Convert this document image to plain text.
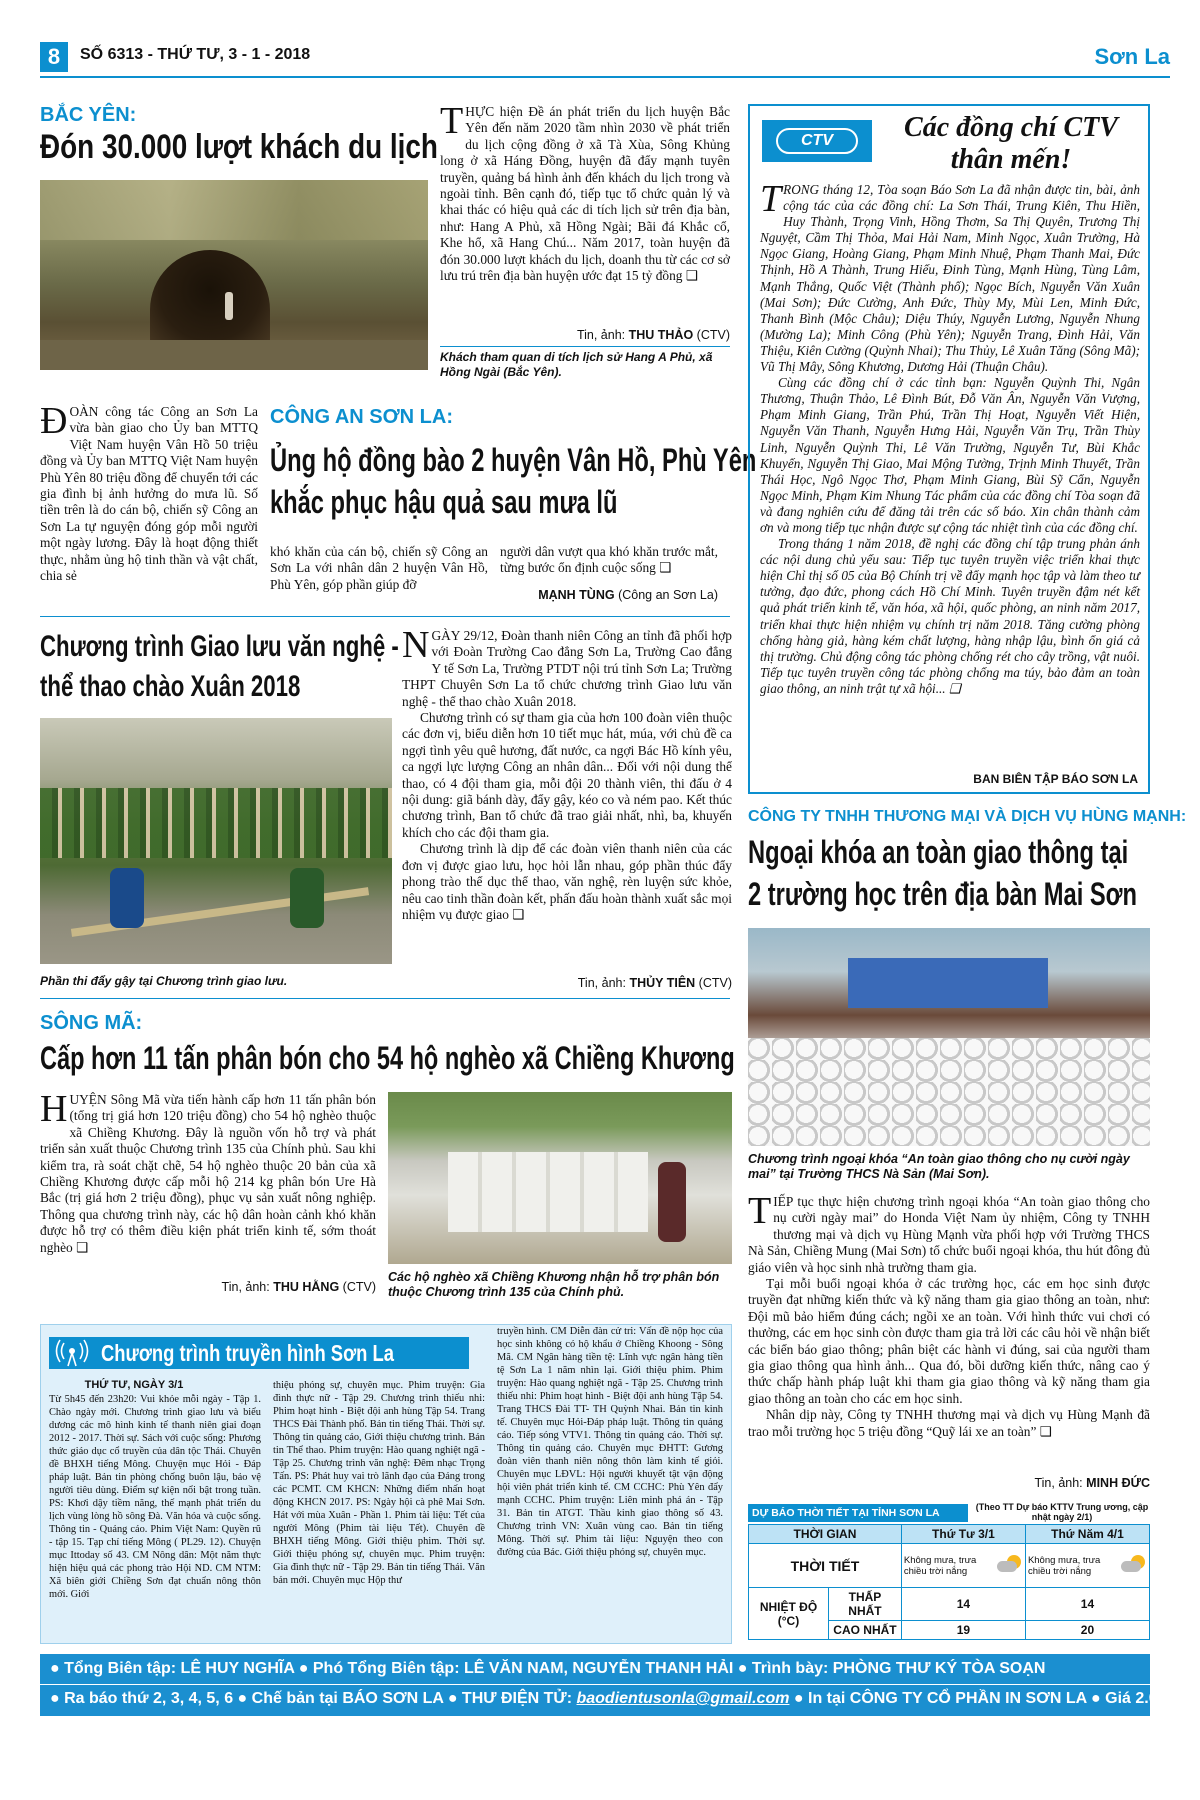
8	SỐ 6313 - THỨ TƯ, 3 - 1 - 2018	Sơn La
BẮC YÊN:
Đón 30.000 lượt khách du lịch
THỰC hiện Đề án phát triển du lịch huyện Bắc Yên đến năm 2020 tầm nhìn 2030 về phát triển du lịch cộng đồng ở xã Tà Xùa, Sông Khủng long ở xã Háng Đồng, huyện đã đẩy mạnh tuyên truyền, quảng bá hình ảnh đến khách du lịch trong và ngoài tỉnh. Bên cạnh đó, tiếp tục tổ chức quản lý và khai thác có hiệu quả các di tích lịch sử trên địa bàn, như: Hang A Phủ, xã Hồng Ngài; Bãi đá Khắc cổ, Khe hổ, xã Hang Chú... Năm 2017, toàn huyện đã đón 30.000 lượt khách du lịch, doanh thu từ các cơ sở lưu trú trên địa bàn huyện ước đạt 15 tỷ đồng ❑
Tin, ảnh: THU THẢO (CTV)
Khách tham quan di tích lịch sử Hang A Phủ, xã Hồng Ngài (Bắc Yên).
ĐOÀN công tác Công an Sơn La vừa bàn giao cho Ủy ban MTTQ Việt Nam huyện Vân Hồ 50 triệu đồng và Ủy ban MTTQ Việt Nam huyện Phù Yên 80 triệu đồng để chuyển tới các gia đình bị ảnh hưởng do mưa lũ. Số tiền trên là do cán bộ, chiến sỹ Công an Sơn La tự nguyện đóng góp mỗi người một ngày lương. Đây là hoạt động thiết thực, nhằm ủng hộ tinh thần và vật chất, chia sẻ
CÔNG AN SƠN LA:
Ủng hộ đồng bào 2 huyện Vân Hồ, Phù Yên
khắc phục hậu quả sau mưa lũ
khó khăn của cán bộ, chiến sỹ Công an Sơn La với nhân dân 2 huyện Vân Hồ, Phù Yên, góp phần giúp đỡ
người dân vượt qua khó khăn trước mắt, từng bước ổn định cuộc sống ❑
MẠNH TÙNG (Công an Sơn La)
Chương trình Giao lưu văn nghệ -
thể thao chào Xuân 2018
Phần thi đẩy gậy tại Chương trình giao lưu.
NGÀY 29/12, Đoàn thanh niên Công an tỉnh đã phối hợp với Đoàn Trường Cao đẳng Sơn La, Trường Cao đẳng Y tế Sơn La, Trường PTDT nội trú tỉnh Sơn La; Trường THPT Chuyên Sơn La tổ chức chương trình Giao lưu văn nghệ - thể thao chào Xuân 2018.

Chương trình có sự tham gia của hơn 100 đoàn viên thuộc các đơn vị, biểu diễn hơn 10 tiết mục hát, múa, với chủ đề ca ngợi tình yêu quê hương, đất nước, ca ngợi Bác Hồ kính yêu, ca ngợi lực lượng Công an nhân dân... Đối với nội dung thể thao, có 4 đội tham gia, mỗi đội 20 thành viên, thi đấu ở 4 nội dung: giã bánh dày, đẩy gậy, kéo co và ném pao. Kết thúc chương trình, Ban tổ chức đã trao giải nhất, nhì, ba, khuyến khích cho các đội tham gia.

Chương trình là dịp để các đoàn viên thanh niên của các đơn vị được giao lưu, học hỏi lẫn nhau, góp phần thúc đẩy phong trào thể dục thể thao, văn nghệ, rèn luyện sức khỏe, nêu cao tinh thần đoàn kết, phấn đấu hoàn thành xuất sắc mọi nhiệm vụ được giao ❑

Tin, ảnh: THỦY TIÊN (CTV)
SÔNG MÃ:
Cấp hơn 11 tấn phân bón cho 54 hộ nghèo xã Chiềng Khương
HUYỆN Sông Mã vừa tiến hành cấp hơn 11 tấn phân bón (tổng trị giá hơn 120 triệu đồng) cho 54 hộ nghèo thuộc xã Chiềng Khương. Đây là nguồn vốn hỗ trợ và phát triển sản xuất thuộc Chương trình 135 của Chính phủ. Sau khi kiểm tra, rà soát chặt chẽ, 54 hộ nghèo thuộc 20 bản của xã Chiềng Khương được cấp mỗi hộ 214 kg phân bón Ure Hà Bắc (trị giá hơn 2 triệu đồng), phục vụ sản xuất nông nghiệp. Thông qua chương trình này, các hộ dân hoàn cảnh khó khăn được hỗ trợ có thêm điều kiện phát triển kinh tế, sớm thoát nghèo ❑
Tin, ảnh: THU HẰNG (CTV)
Các hộ nghèo xã Chiềng Khương nhận hỗ trợ phân bón thuộc Chương trình 135 của Chính phủ.
Chương trình truyền hình Sơn La
THỨ TƯ, NGÀY 3/1
Từ 5h45 đến 23h20: Vui khỏe mỗi ngày - Tập 1. Chào ngày mới. Chương trình giao lưu và biểu dương các mô hình kinh tế thanh niên giai đoạn 2012 - 2017. Thời sự. Sách với cuộc sống: Phương thức giáo dục cổ truyền của dân tộc Thái. Chuyên đề BHXH tiếng Mông. Chuyện mục Hỏi - Đáp pháp luật. Bản tin phòng chống buôn lậu, bảo vệ người tiêu dùng. Điểm sự kiện nổi bật trong tuần. PS: Khơi dậy tiềm năng, thế mạnh phát triển du lịch vùng lòng hồ sông Đà. Văn hóa và cuộc sống. Thông tin - Quảng cáo. Phim Việt Nam: Quyền rũ - tập 15. Tạp chí tiếng Mông ( PL29. 12). Chuyện mục Ittoday số 43. CM Nông dân: Một năm thực hiện hiệu quả các phong trào Hội ND. CM NTM: Xã biên giới Chiềng Sơn đạt chuẩn nông thôn mới. Giới
thiệu phóng sự, chuyên mục. Phim truyện: Gia đình thực nữ - Tập 29. Chương trình thiếu nhi: Phim hoạt hình - Biệt đội anh hùng Tập 54. Trang THCS Đài Thành phố. Bản tin tiếng Thái. Thời sự. Thông tin quảng cáo, Giới thiệu chương trình. Bản tin Thể thao. Phim truyện: Hào quang nghiệt ngã - Tập 25. Chương trình văn nghệ: Đêm nhạc Trọng Tấn. PS: Phát huy vai trò lãnh đạo của Đảng trong các PCMT. CM KHCN: Những điểm nhấn hoạt động KHCN 2017. PS: Ngày hội cà phê Mai Sơn. Hát với mùa Xuân - Phần 1. Phim tài liệu: Tết của người Mông (Phim tài liệu Tết). Chuyên đề BHXH tiếng Mông. Giới thiệu phim. Thời sự. Giới thiệu phóng sự, chuyên mục. Phim truyện: Gia đình thực nữ - Tập 29. Bản tin tiếng Thái. Văn bản mới. Chuyên mục Hộp thư
truyền hình. CM Diễn đàn cử tri: Vấn đề nộp học của học sinh không có hộ khẩu ở Chiềng Khoong - Sông Mã. CM Ngân hàng tiền tệ: Lĩnh vực ngân hàng tiền tệ Sơn La 1 năm nhìn lại. Giới thiệu phim. Phim truyện: Hào quang nghiệt ngã - Tập 25. Chương trình thiếu nhi: Phim hoạt hình - Biệt đội anh hùng Tập 54. Trang THCS Đài TT- TH Quỳnh Nhai. Bản tin kinh tế. Chuyên mục Hỏi-Đáp pháp luật. Thông tin quảng cáo. Tiếp sóng VTV1. Thông tin quảng cáo. Thời sự. Thông tin quảng cáo. Chuyên mục ĐHTT: Gương đoàn viên thanh niên nông thôn làm kinh tế giỏi. Chuyên mục LĐVL: Hội người khuyết tật vận động hội viên phát triển kinh tế. CM CCHC: Phù Yên đẩy mạnh CCHC. Phim truyện: Liên minh phá án - Tập 31. Bản tin ATGT. Thầu kinh giao thông số 43. Chương trình VN: Xuân vùng cao. Bản tin tiếng Mông. Thời sự. Phim tài liệu: Nguyện theo con đường của Bác. Giới thiệu phóng sự, chuyên mục.
CTV	Các đồng chí CTV
thân mến!
TRONG tháng 12, Tòa soạn Báo Sơn La đã nhận được tin, bài, ảnh cộng tác của các đồng chí: La Sơn Thái, Trung Kiên, Thu Hiền, Huy Thành, Trọng Vinh, Hồng Thơm, Sa Thị Quyên, Trương Thị Nguyệt, Cầm Thị Thỏa, Mai Hải Nam, Minh Ngọc, Xuân Trường, Hà Ngọc Giang, Hoàng Giang, Phạm Minh Nhuệ, Phạm Thanh Mai, Đức Thịnh, Hồ A Thành, Trung Hiếu, Đinh Tùng, Mạnh Hùng, Tùng Lâm, Mạnh Thắng, Quốc Việt (Thành phố); Ngọc Bích, Nguyễn Văn Xuân (Mai Sơn); Đức Cường, Anh Đức, Thùy My, Mùi Len, Minh Đức, Thanh Bình (Mộc Châu); Diệu Thúy, Nguyễn Lương, Nguyễn Nhung (Mường La); Minh Công (Phù Yên); Nguyễn Trang, Đình Hải, Văn Thiệu, Kiên Cường (Quỳnh Nhai); Thu Thủy, Lê Xuân Tăng (Sông Mã); Vũ Thị Mây, Sông Khương, Dương Hải (Thuận Châu).

Cùng các đồng chí ở các tỉnh bạn: Nguyễn Quỳnh Thi, Ngân Thương, Thuận Thảo, Lê Đình Bút, Đỗ Văn Ân, Nguyễn Văn Vượng, Phạm Minh Giang, Trần Phú, Trần Thị Hoạt, Nguyễn Viết Hiện, Nguyễn Văn Thanh, Nguyễn Hưng Hải, Nguyễn Văn Trụ, Trần Thùy Linh, Nguyễn Quỳnh Thi, Lê Văn Trường, Nguyễn Tư, Bùi Khắc Khuyến, Nguyễn Thị Giao, Mai Mộng Tường, Trịnh Minh Thuyết, Trần Thái Học, Ngô Ngọc Thơ, Phạm Minh Giang, Bùi Sỹ Cẩn, Nguyễn Ngọc Minh, Phạm Kim Nhung Tác phẩm của các đồng chí Tòa soạn đã và đang nghiên cứu để đăng tải trên các số báo. Xin chân thành cảm ơn và mong tiếp tục nhận được sự cộng tác nhiệt tình của các đồng chí.

Trong tháng 1 năm 2018, đề nghị các đồng chí tập trung phản ánh các nội dung chủ yếu sau: Tiếp tục tuyên truyền việc triển khai thực hiện Chỉ thị số 05 của Bộ Chính trị về đẩy mạnh học tập và làm theo tư tưởng, đạo đức, phong cách Hồ Chí Minh. Tuyên truyền đậm nét kết quả phát triển kinh tế, văn hóa, xã hội, quốc phòng, an ninh năm 2017, triển khai thực hiện nhiệm vụ chính trị năm 2018. Tăng cường phòng chống hàng giả, hàng kém chất lượng, hàng nhập lậu, bình ổn giá cả thị trường. Chủ động công tác phòng chống rét cho cây trồng, vật nuôi. Tiếp tục tuyên truyền công tác phòng chống ma túy, bảo đảm an toàn giao thông, an ninh trật tự xã hội... ❑

BAN BIÊN TẬP BÁO SƠN LA
CÔNG TY TNHH THƯƠNG MẠI VÀ DỊCH VỤ HÙNG MẠNH:
Ngoại khóa an toàn giao thông tại
2 trường học trên địa bàn Mai Sơn
Chương trình ngoại khóa “An toàn giao thông cho nụ cười ngày mai” tại Trường THCS Nà Sản (Mai Sơn).
TIẾP tục thực hiện chương trình ngoại khóa “An toàn giao thông cho nụ cười ngày mai” do Honda Việt Nam ủy nhiệm, Công ty TNHH thương mại và dịch vụ Hùng Mạnh vừa phối hợp với Trường THCS Nà Sản, Chiềng Mung (Mai Sơn) tổ chức buổi ngoại khóa, thu hút đông đủ giáo viên và học sinh nhà trường tham gia.

Tại mỗi buổi ngoại khóa ở các trường học, các em học sinh được truyền đạt những kiến thức và kỹ năng tham gia giao thông an toàn, như: Đội mũ bảo hiểm đúng cách; ngồi xe an toàn. Với hình thức vui chơi có thưởng, các em học sinh còn được tham gia trả lời các câu hỏi về nhận biết các biển báo giao thông; phân biệt các hành vi đúng, sai của người tham gia giao thông qua hình ảnh... Qua đó, bồi dưỡng kiến thức, nâng cao ý thức chấp hành pháp luật khi tham gia giao thông và kỹ năng tham gia giao thông an toàn cho các em học sinh.

Nhân dịp này, Công ty TNHH thương mại và dịch vụ Hùng Mạnh đã trao mỗi trường học 5 triệu đồng “Quỹ lái xe an toàn” ❑

Tin, ảnh: MINH ĐỨC
DỰ BÁO THỜI TIẾT TẠI TỈNH SƠN LA	(Theo TT Dự báo KTTV Trung ương, cập nhật ngày 2/1)
THỜI GIAN		Thứ Tư 3/1	Thứ Năm 4/1
THỜI TIẾT		Không mưa, trưa chiều trời nắng	Không mưa, trưa chiều trời nắng
NHIỆT ĐỘ (°C)	THẤP NHẤT	14	14
	CAO NHẤT	19	20
● Tổng Biên tập: LÊ HUY NGHĨA ● Phó Tổng Biên tập: LÊ VĂN NAM, NGUYỄN THANH HẢI ● Trình bày: PHÒNG THƯ KÝ TÒA SOẠN
● Ra báo thứ 2, 3, 4, 5, 6 ● Chế bản tại BÁO SƠN LA ● THƯ ĐIỆN TỬ: baodientusonla@gmail.com ● In tại CÔNG TY CỔ PHẦN IN SƠN LA ● Giá 2.000đ
